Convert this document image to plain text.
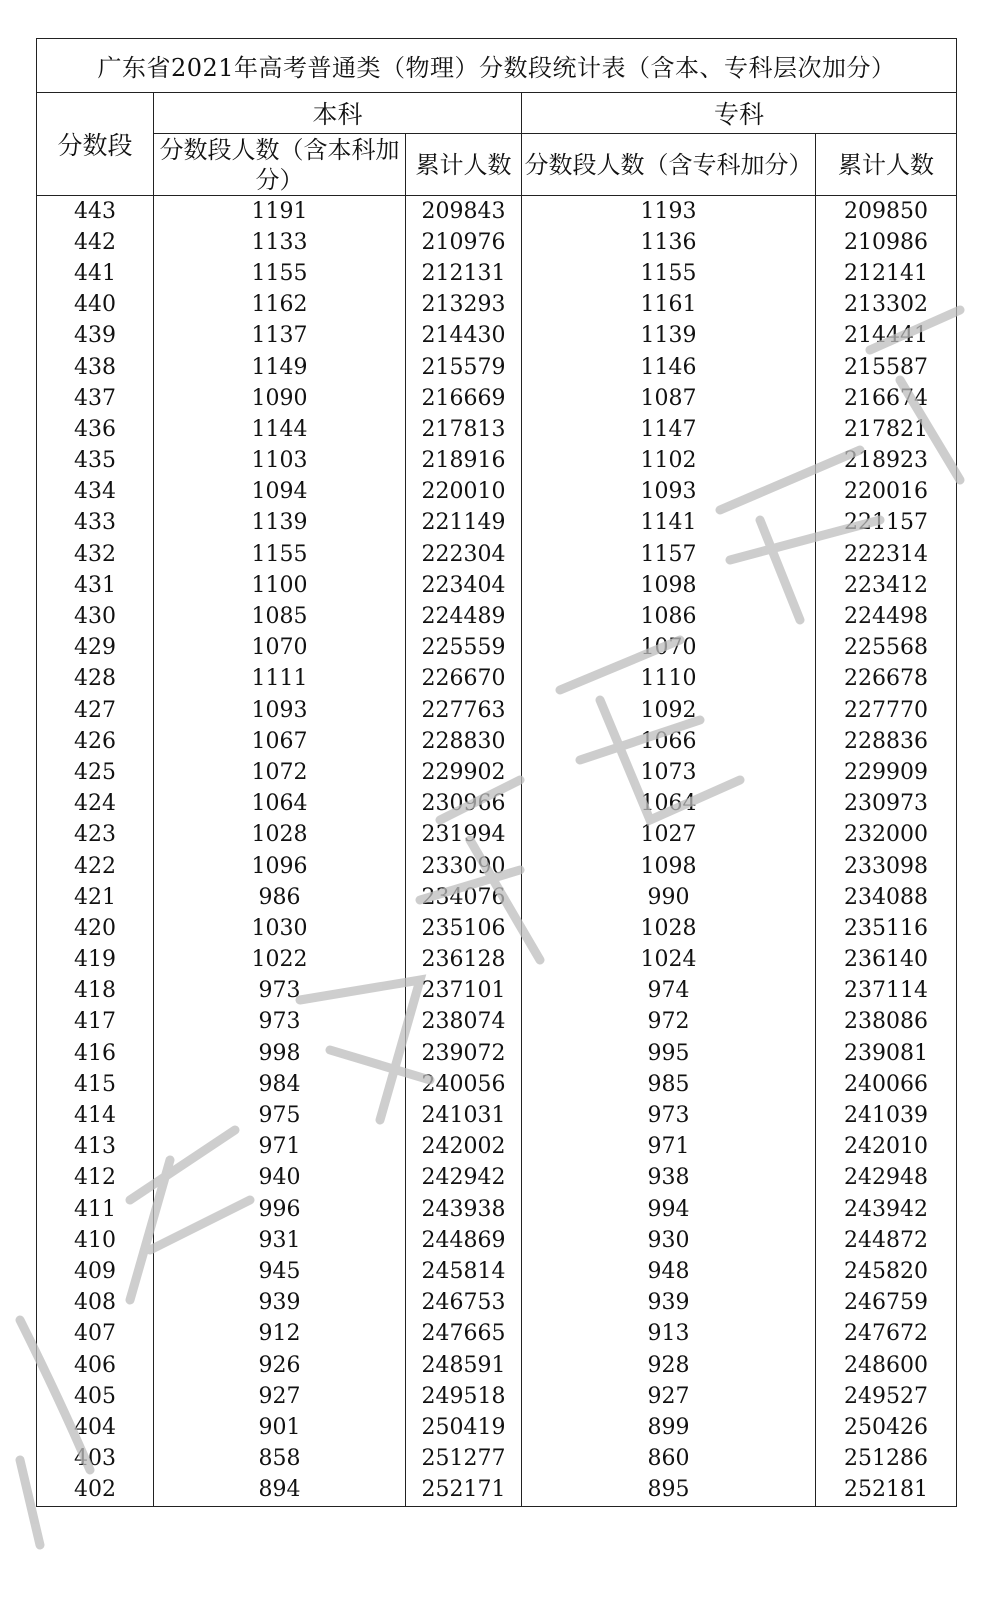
广东省2021年高考普通类（物理）分数段统计表（含本、专科层次加分）				
分数段	本科		专科	
	分数段人数（含本科加分）	累计人数	分数段人数（含专科加分）	累计人数
443	1191	209843	1193	209850
442	1133	210976	1136	210986
441	1155	212131	1155	212141
440	1162	213293	1161	213302
439	1137	214430	1139	214441
438	1149	215579	1146	215587
437	1090	216669	1087	216674
436	1144	217813	1147	217821
435	1103	218916	1102	218923
434	1094	220010	1093	220016
433	1139	221149	1141	221157
432	1155	222304	1157	222314
431	1100	223404	1098	223412
430	1085	224489	1086	224498
429	1070	225559	1070	225568
428	1111	226670	1110	226678
427	1093	227763	1092	227770
426	1067	228830	1066	228836
425	1072	229902	1073	229909
424	1064	230966	1064	230973
423	1028	231994	1027	232000
422	1096	233090	1098	233098
421	986	234076	990	234088
420	1030	235106	1028	235116
419	1022	236128	1024	236140
418	973	237101	974	237114
417	973	238074	972	238086
416	998	239072	995	239081
415	984	240056	985	240066
414	975	241031	973	241039
413	971	242002	971	242010
412	940	242942	938	242948
411	996	243938	994	243942
410	931	244869	930	244872
409	945	245814	948	245820
408	939	246753	939	246759
407	912	247665	913	247672
406	926	248591	928	248600
405	927	249518	927	249527
404	901	250419	899	250426
403	858	251277	860	251286
402	894	252171	895	252181
